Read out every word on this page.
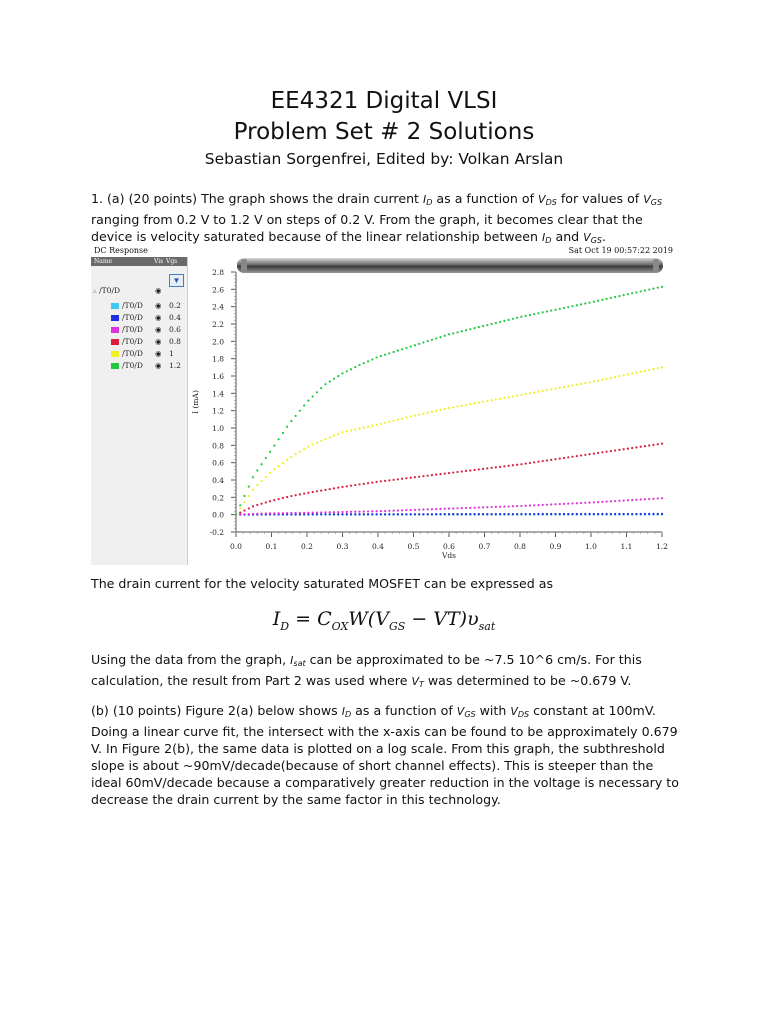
EE4321 Digital VLSI
Problem Set # 2 Solutions
Sebastian Sorgenfrei, Edited by: Volkan Arslan
1. (a) (20 points) The graph shows the drain current $I_D$ as a function of $V_{DS}$ for values of $V_{GS}$
ranging from 0.2 V to 1.2 V on steps of 0.2 V. From the graph, it becomes clear that the
device is velocity saturated because of the linear relationship between $I_D$ and $V_{GS}$.
DC Response	Sat Oct 19 00:57:22 2019
Name	Vis Vgs
▼
▵ /T0/D	◉
/T0/D ◉ 0.2
/T0/D ◉ 0.4
/T0/D ◉ 0.6
/T0/D ◉ 0.8
/T0/D ◉ 1
/T0/D ◉ 1.2
2.8
2.6
2.4
2.2
2.0
1.8
1.6
1.4
1.2
1.0
0.8
0.6
0.4
0.2
0.0
-0.2
0.0	0.1	0.2	0.3	0.4	0.5	0.6	0.7	0.8	0.9	1.0	1.1	1.2
Vds
I (mA)
The drain current for the velocity saturated MOSFET can be expressed as
$I_D = C_{OX}W(V_{GS} - VT)\upsilon_{sat}$
Using the data from the graph, $I_{sat}$ can be approximated to be ~7.5 10^6 cm/s. For this
calculation, the result from Part 2 was used where $V_T$ was determined to be ~0.679 V.
(b) (10 points) Figure 2(a) below shows $I_D$ as a function of $V_{GS}$ with $V_{DS}$ constant at 100mV.
Doing a linear curve fit, the intersect with the x-axis can be found to be approximately 0.679
V. In Figure 2(b), the same data is plotted on a log scale. From this graph, the subthreshold
slope is about ~90mV/decade(because of short channel effects). This is steeper than the
ideal 60mV/decade because a comparatively greater reduction in the voltage is necessary to
decrease the drain current by the same factor in this technology.
